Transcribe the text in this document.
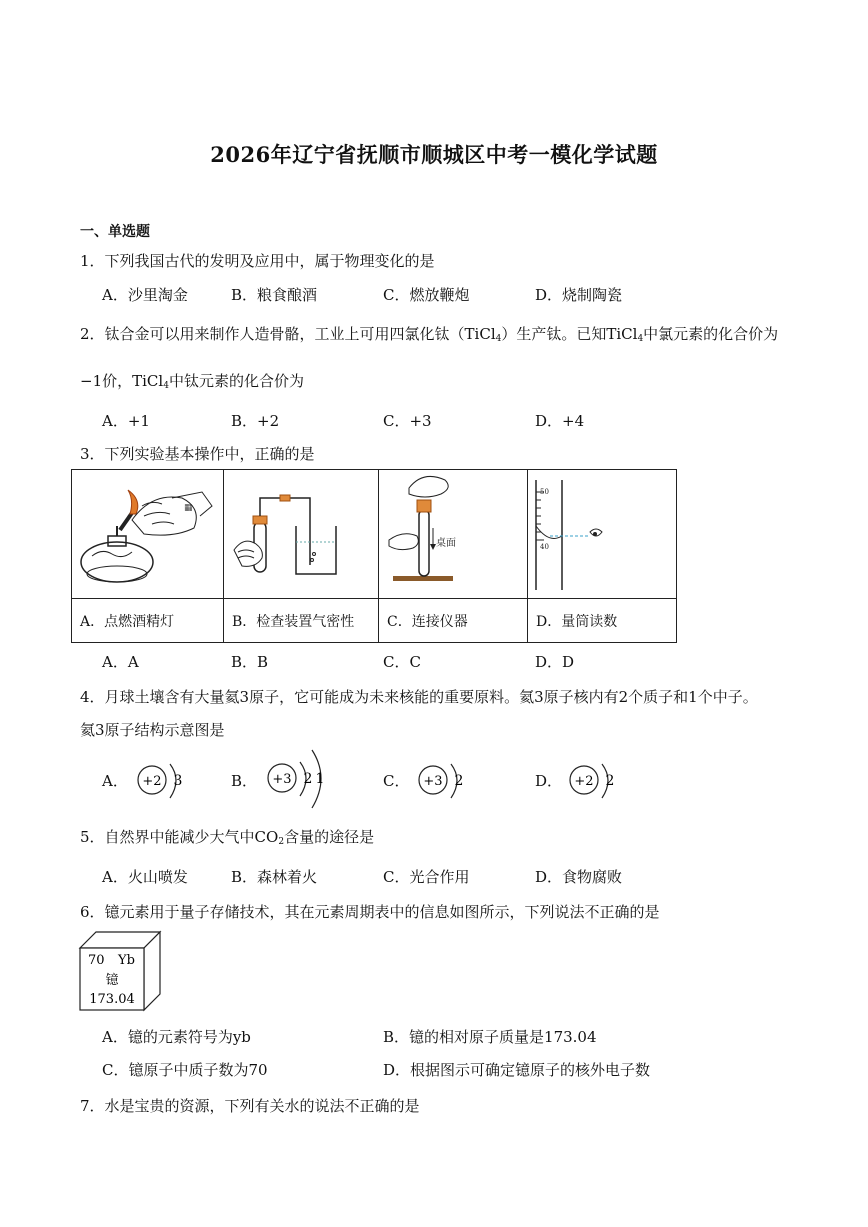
2026年辽宁省抚顺市顺城区中考一模化学试题
一、单选题
1．下列我国古代的发明及应用中，属于物理变化的是
A．沙里淘金	B．粮食酿酒	C．燃放鞭炮	D．烧制陶瓷
2．钛合金可以用来制作人造骨骼，工业上可用四氯化钛（TiCl$_4$）生产钛。已知TiCl$_4$中氯元素的化合价为
−1价，TiCl$_4$中钛元素的化合价为
A．+1	B．+2	C．+3	D．+4
3．下列实验基本操作中，正确的是
▦		桌面	50
40

A．点燃酒精灯	B．检查装置气密性	C．连接仪器	D．量筒读数
A．A	B．B	C．C	D．D
4．月球土壤含有大量氦3原子，它可能成为未来核能的重要原料。氦3原子核内有2个质子和1个中子。
氦3原子结构示意图是
A． +2 3	B． +3 2 1	C． +3 2	D． +2 2
5．自然界中能减少大气中$CO_2$含量的途径是
A．火山喷发	B．森林着火	C．光合作用	D．食物腐败
6．镱元素用于量子存储技术，其在元素周期表中的信息如图所示，下列说法不正确的是
70 Yb
镱
173.04
A．镱的元素符号为yb	B．镱的相对原子质量是173.04
C．镱原子中质子数为70	D．根据图示可确定镱原子的核外电子数
7．水是宝贵的资源，下列有关水的说法不正确的是
